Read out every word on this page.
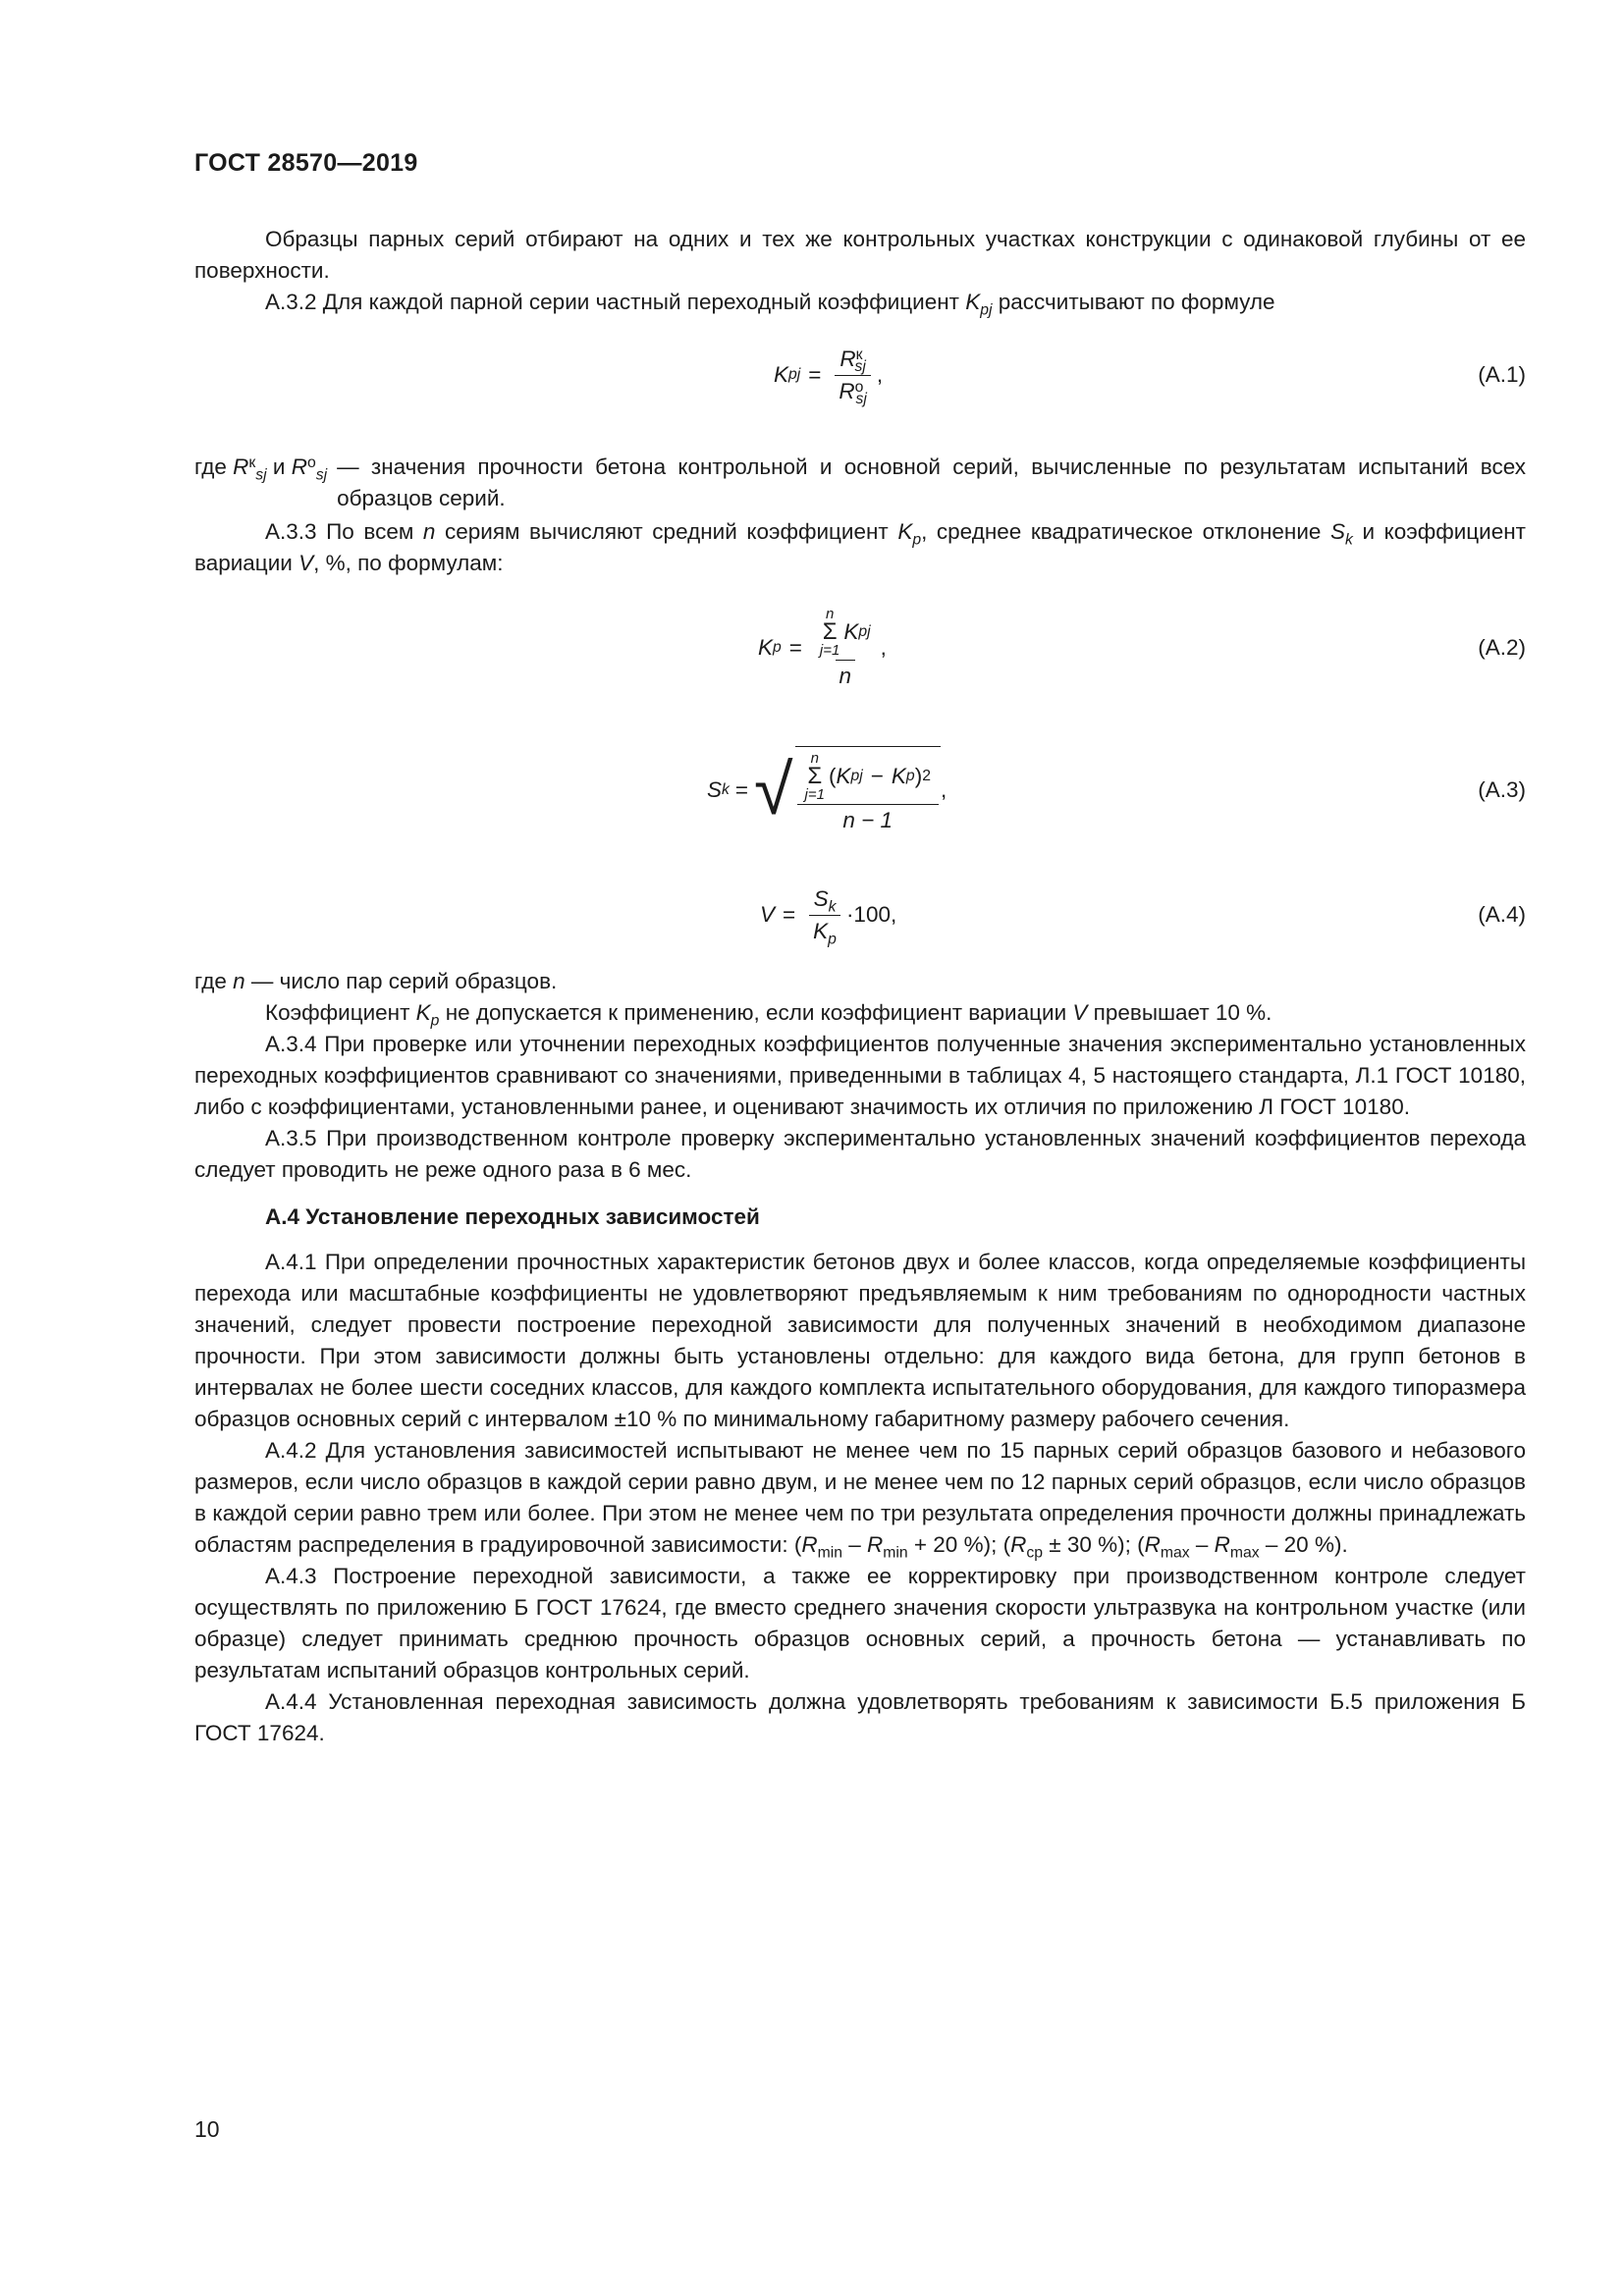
ГОСТ 28570—2019

Образцы парных серий отбирают на одних и тех же контрольных участках конструкции с одинаковой глубины от ее поверхности.

А.3.2 Для каждой парной серии частный переходный коэффициент $K_{pj}$ рассчитывают по формуле

K pj = $\frac{R^к_{sj}}{R^о_{sj}}$ ,	(А.1)
где $R^к_{sj}$ и $R^о_{sj}$ — значения прочности бетона контрольной и основной серий, вычисленные по результатам испытаний всех образцов серий.

А.3.3 По всем n сериям вычисляют средний коэффициент $K_p$, среднее квадратическое отклонение $S_k$ и коэффициент вариации V, %, по формулам:

K p =
n
Σ
j=1
K pj
n
,	(А.2)
S k = √ n
Σ
j=1
( K pj − K p ) 2
n − 1
,	(А.3)
$V = \frac{S_k}{K_p} \cdot 100$,	(А.4)

где n — число пар серий образцов.

Коэффициент $K_p$ не допускается к применению, если коэффициент вариации V превышает 10 %.

А.3.4 При проверке или уточнении переходных коэффициентов полученные значения экспериментально установленных переходных коэффициентов сравнивают со значениями, приведенными в таблицах 4, 5 настоящего стандарта, Л.1 ГОСТ 10180, либо с коэффициентами, установленными ранее, и оценивают значимость их отличия по приложению Л ГОСТ 10180.

А.3.5 При производственном контроле проверку экспериментально установленных значений коэффициентов перехода следует проводить не реже одного раза в 6 мес.

А.4 Установление переходных зависимостей

А.4.1 При определении прочностных характеристик бетонов двух и более классов, когда определяемые коэффициенты перехода или масштабные коэффициенты не удовлетворяют предъявляемым к ним требованиям по однородности частных значений, следует провести построение переходной зависимости для полученных значений в необходимом диапазоне прочности. При этом зависимости должны быть установлены отдельно: для каждого вида бетона, для групп бетонов в интервалах не более шести соседних классов, для каждого комплекта испытательного оборудования, для каждого типоразмера образцов основных серий с интервалом ±10 % по минимальному габаритному размеру рабочего сечения.

А.4.2 Для установления зависимостей испытывают не менее чем по 15 парных серий образцов базового и небазового размеров, если число образцов в каждой серии равно двум, и не менее чем по 12 парных серий образцов, если число образцов в каждой серии равно трем или более. При этом не менее чем по три результата определения прочности должны принадлежать областям распределения в градуировочной зависимости: ($R_{min} - R_{min} + 20$ %); ($R_{ср} \pm 30$ %); ($R_{max} - R_{max} - 20$ %).

А.4.3 Построение переходной зависимости, а также ее корректировку при производственном контроле следует осуществлять по приложению Б ГОСТ 17624, где вместо среднего значения скорости ультразвука на контрольном участке (или образце) следует принимать среднюю прочность образцов основных серий, а прочность бетона — устанавливать по результатам испытаний образцов контрольных серий.

А.4.4 Установленная переходная зависимость должна удовлетворять требованиям к зависимости Б.5 приложения Б ГОСТ 17624.

10
